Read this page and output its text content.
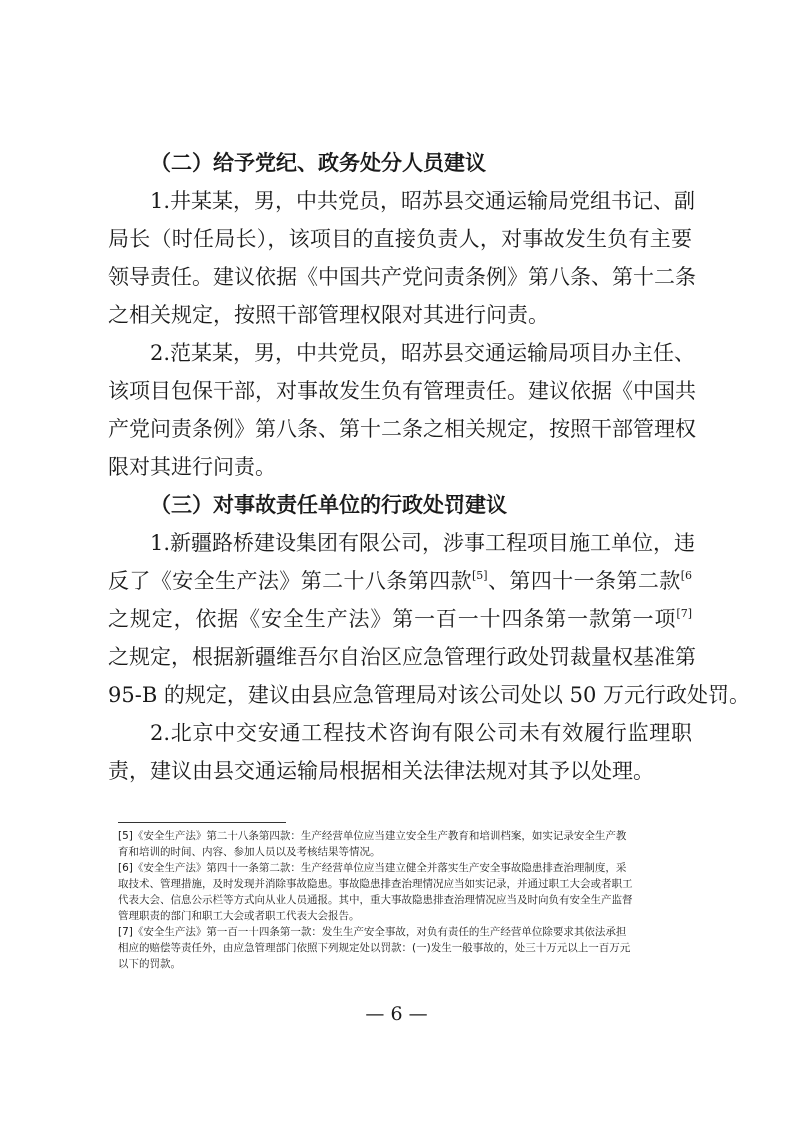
（二）给予党纪、政务处分人员建议
1.井某某，男，中共党员，昭苏县交通运输局党组书记、副
局长（时任局长），该项目的直接负责人，对事故发生负有主要
领导责任。建议依据《中国共产党问责条例》第八条、第十二条
之相关规定，按照干部管理权限对其进行问责。
2.范某某，男，中共党员，昭苏县交通运输局项目办主任、
该项目包保干部，对事故发生负有管理责任。建议依据《中国共
产党问责条例》第八条、第十二条之相关规定，按照干部管理权
限对其进行问责。
（三）对事故责任单位的行政处罚建议
1.新疆路桥建设集团有限公司，涉事工程项目施工单位，违
反了《安全生产法》第二十八条第四款[5]、第四十一条第二款$^{[6}$
之规定，依据《安全生产法》第一百一十四条第一款第一项[7]
之规定，根据新疆维吾尔自治区应急管理行政处罚裁量权基准第
95-B 的规定，建议由县应急管理局对该公司处以 50 万元行政处罚。
2.北京中交安通工程技术咨询有限公司未有效履行监理职
责，建议由县交通运输局根据相关法律法规对其予以处理。
[5]《安全生产法》第二十八条第四款：生产经营单位应当建立安全生产教育和培训档案，如实记录安全生产教
育和培训的时间、内容、参加人员以及考核结果等情况。
[6]《安全生产法》第四十一条第二款：生产经营单位应当建立健全并落实生产安全事故隐患排查治理制度，采
取技术、管理措施，及时发现并消除事故隐患。事故隐患排查治理情况应当如实记录，并通过职工大会或者职工
代表大会、信息公示栏等方式向从业人员通报。其中，重大事故隐患排查治理情况应当及时向负有安全生产监督
管理职责的部门和职工大会或者职工代表大会报告。
[7]《安全生产法》第一百一十四条第一款：发生生产安全事故，对负有责任的生产经营单位除要求其依法承担
相应的赔偿等责任外，由应急管理部门依照下列规定处以罚款：(一)发生一般事故的，处三十万元以上一百万元
以下的罚款。
— 6 —
